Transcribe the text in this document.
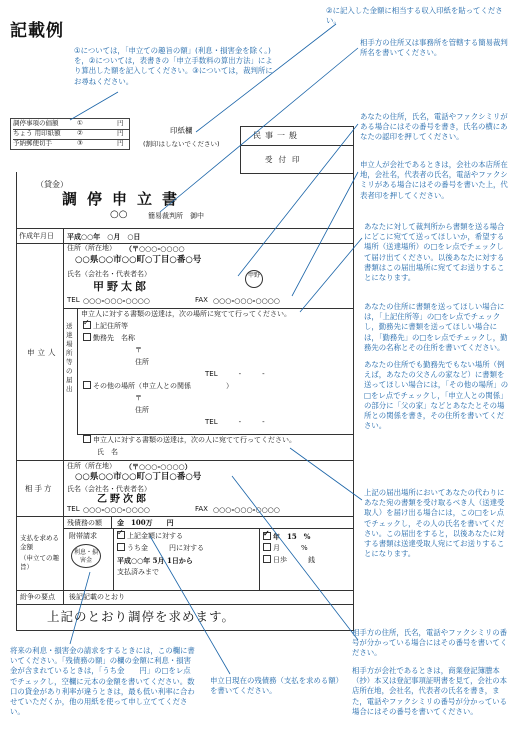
記載例
②に記入した金額に相当する収入印紙を貼ってください。
①については，「申立ての趣旨の額」(利息・損害金を除く。)を，②については，表書きの「申立手数料の算出方法」により算出した額を記入してください。③については，裁判所にお尋ねください。
相手方の住所又は事務所を管轄する簡易裁判所名を書いてください。
あなたの住所，氏名，電話やファクシミリがある場合にはその番号を書き，氏名の横にあなたの認印を押してください。
申立人が会社であるときは，会社の本店所在地，会社名，代表者の氏名，電話やファクシミリがある場合にはその番号を書いた上，代表者印を押してください。
あなたに対して裁判所から書類を送る場合にどこに宛てて送ってほしいか，希望する場所（送達場所）の□をレ点でチェックして届け出てください。以後あなたに対する書類はこの届出場所に宛ててお送りすることになります。
あなたの住所に書類を送ってほしい場合には，「上記住所等」の□をレ点でチェックし，勤務先に書類を送ってほしい場合には，「勤務先」の□をレ点でチェックし，勤務先の名称とその住所を書いてください。
あなたの住所でも勤務先でもない場所（例えば，あなたの父さんの家など）に書類を送ってほしい場合には，「その他の場所」の□をレ点でチェックし，「申立人との関係」の部分に「父の家」などとあなたとその場所との関係を書き，その住所を書いてください。
上記の届出場所においてあなたの代わりにあなた宛の書類を受け取るべき人（送達受取人）を届け出る場合には，この□をレ点でチェックし，その人の氏名を書いてください。この届出をすると，以後あなたに対する書類は送達受取人宛にてお送りすることになります。
相手方の住所，氏名，電話やファクシミリの番号が分かっている場合にはその番号を書いてください。
相手方が会社であるときは，商業登記簿謄本（抄）本又は登記事項証明書を見て，会社の本店所在地，会社名，代表者の氏名を書き，また，電話やファクシミリの番号が分かっている場合にはその番号を書いてください。
将来の利息・損害金の請求をするときには，この欄に書いてください。「残債務の額」の欄の金額に利息・損害金が含まれているときは，「うち金　　円」の□をレ点でチェックし，空欄に元本の金額を書いてください。数口の貸金があり利率が違うときは，最も低い利率に合わせていただくか，他の用紙を使って申し立ててください。
申立日現在の残債務（支払を求める額）を書いてください。
調停事項の価額	①	円
ちょう 用印紙額	②	円
予納郵便切手	③	円
印紙欄
(割印はしないでください)
民事一般
受付印
（貸金）
調停申立書
○○	簡易裁判所　御中
作成年月日 平成○○年　○月　○日
申立人
住所（所在地） （〒○○○-○○○○
○○県○○市○○町○丁目○番○号
氏名（会社名・代表者名）
甲野太郎
甲野
TEL ○○○-○○○-○○○○	FAX ○○○-○○○-○○○○
送達場所等の届出
申立人に対する書類の送達は，次の場所に宛てて行ってください。
✓ 上記住所等
勤務先　名称
〒
住所
TEL　　　-　　　-
その他の場所（申立人との関係　　　　　）
〒
住所
TEL　　　-　　　-
申立人に対する書類の送達は，次の人に宛てて行ってください。
氏　名
相手方
住所（所在地） （〒○○○-○○○○）
○○県○○市○○町○丁目○番○号
氏名（会社名・代表者名）
乙野次郎
TEL ○○○-○○○-○○○○	FAX ○○○-○○○-○○○○
支払を求める金額
（申立ての趣旨）
残債務の額 金　100万　　円
附帯請求
利息・損害金
✓ 上記金額に対する
うち金　　　円に対する
平成○○年 5月 1日から
支払済みまで
✓ 年　15　%
月　　　%
日歩　　　銭
紛争の要点 後記記載のとおり
上記のとおり調停を求めます。
